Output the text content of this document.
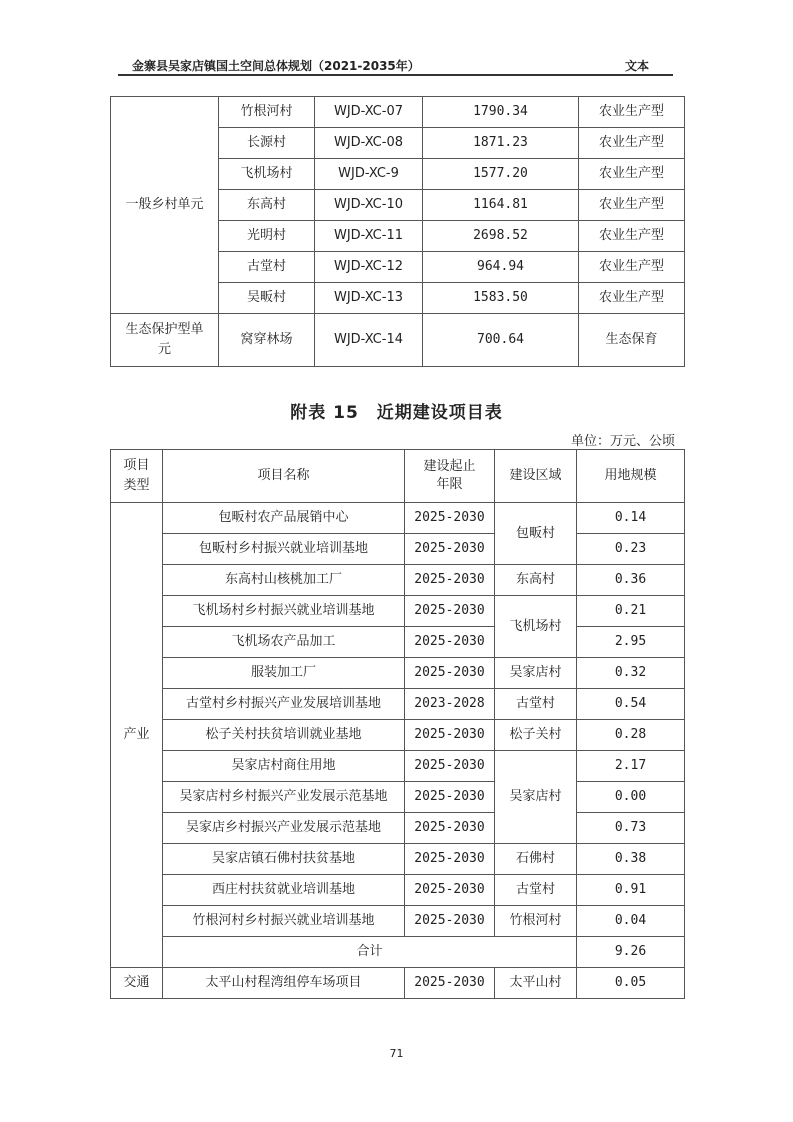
金寨县吴家店镇国土空间总体规划（2021-2035年）	文本
一般乡村单元	竹根河村	WJD-XC-07	1790.34	农业生产型
	长源村	WJD-XC-08	1871.23	农业生产型
	飞机场村	WJD-XC-9	1577.20	农业生产型
	东高村	WJD-XC-10	1164.81	农业生产型
	光明村	WJD-XC-11	2698.52	农业生产型
	古堂村	WJD-XC-12	964.94	农业生产型
	吴畈村	WJD-XC-13	1583.50	农业生产型
生态保护型单元	窝穿林场	WJD-XC-14	700.64	生态保育
附表 15　近期建设项目表
单位：万元、公顷
项目类型	项目名称	建设起止年限	建设区域	用地规模
产业	包畈村农产品展销中心	2025-2030	包畈村	0.14
	包畈村乡村振兴就业培训基地	2025-2030		0.23
	东高村山核桃加工厂	2025-2030	东高村	0.36
	飞机场村乡村振兴就业培训基地	2025-2030	飞机场村	0.21
	飞机场农产品加工	2025-2030		2.95
	服装加工厂	2025-2030	吴家店村	0.32
	古堂村乡村振兴产业发展培训基地	2023-2028	古堂村	0.54
	松子关村扶贫培训就业基地	2025-2030	松子关村	0.28
	吴家店村商住用地	2025-2030	吴家店村	2.17
	吴家店村乡村振兴产业发展示范基地	2025-2030		0.00
	吴家店乡村振兴产业发展示范基地	2025-2030		0.73
	吴家店镇石佛村扶贫基地	2025-2030	石佛村	0.38
	西庄村扶贫就业培训基地	2025-2030	古堂村	0.91
	竹根河村乡村振兴就业培训基地	2025-2030	竹根河村	0.04
	合计			9.26
交通	太平山村程湾组停车场项目	2025-2030	太平山村	0.05
71
